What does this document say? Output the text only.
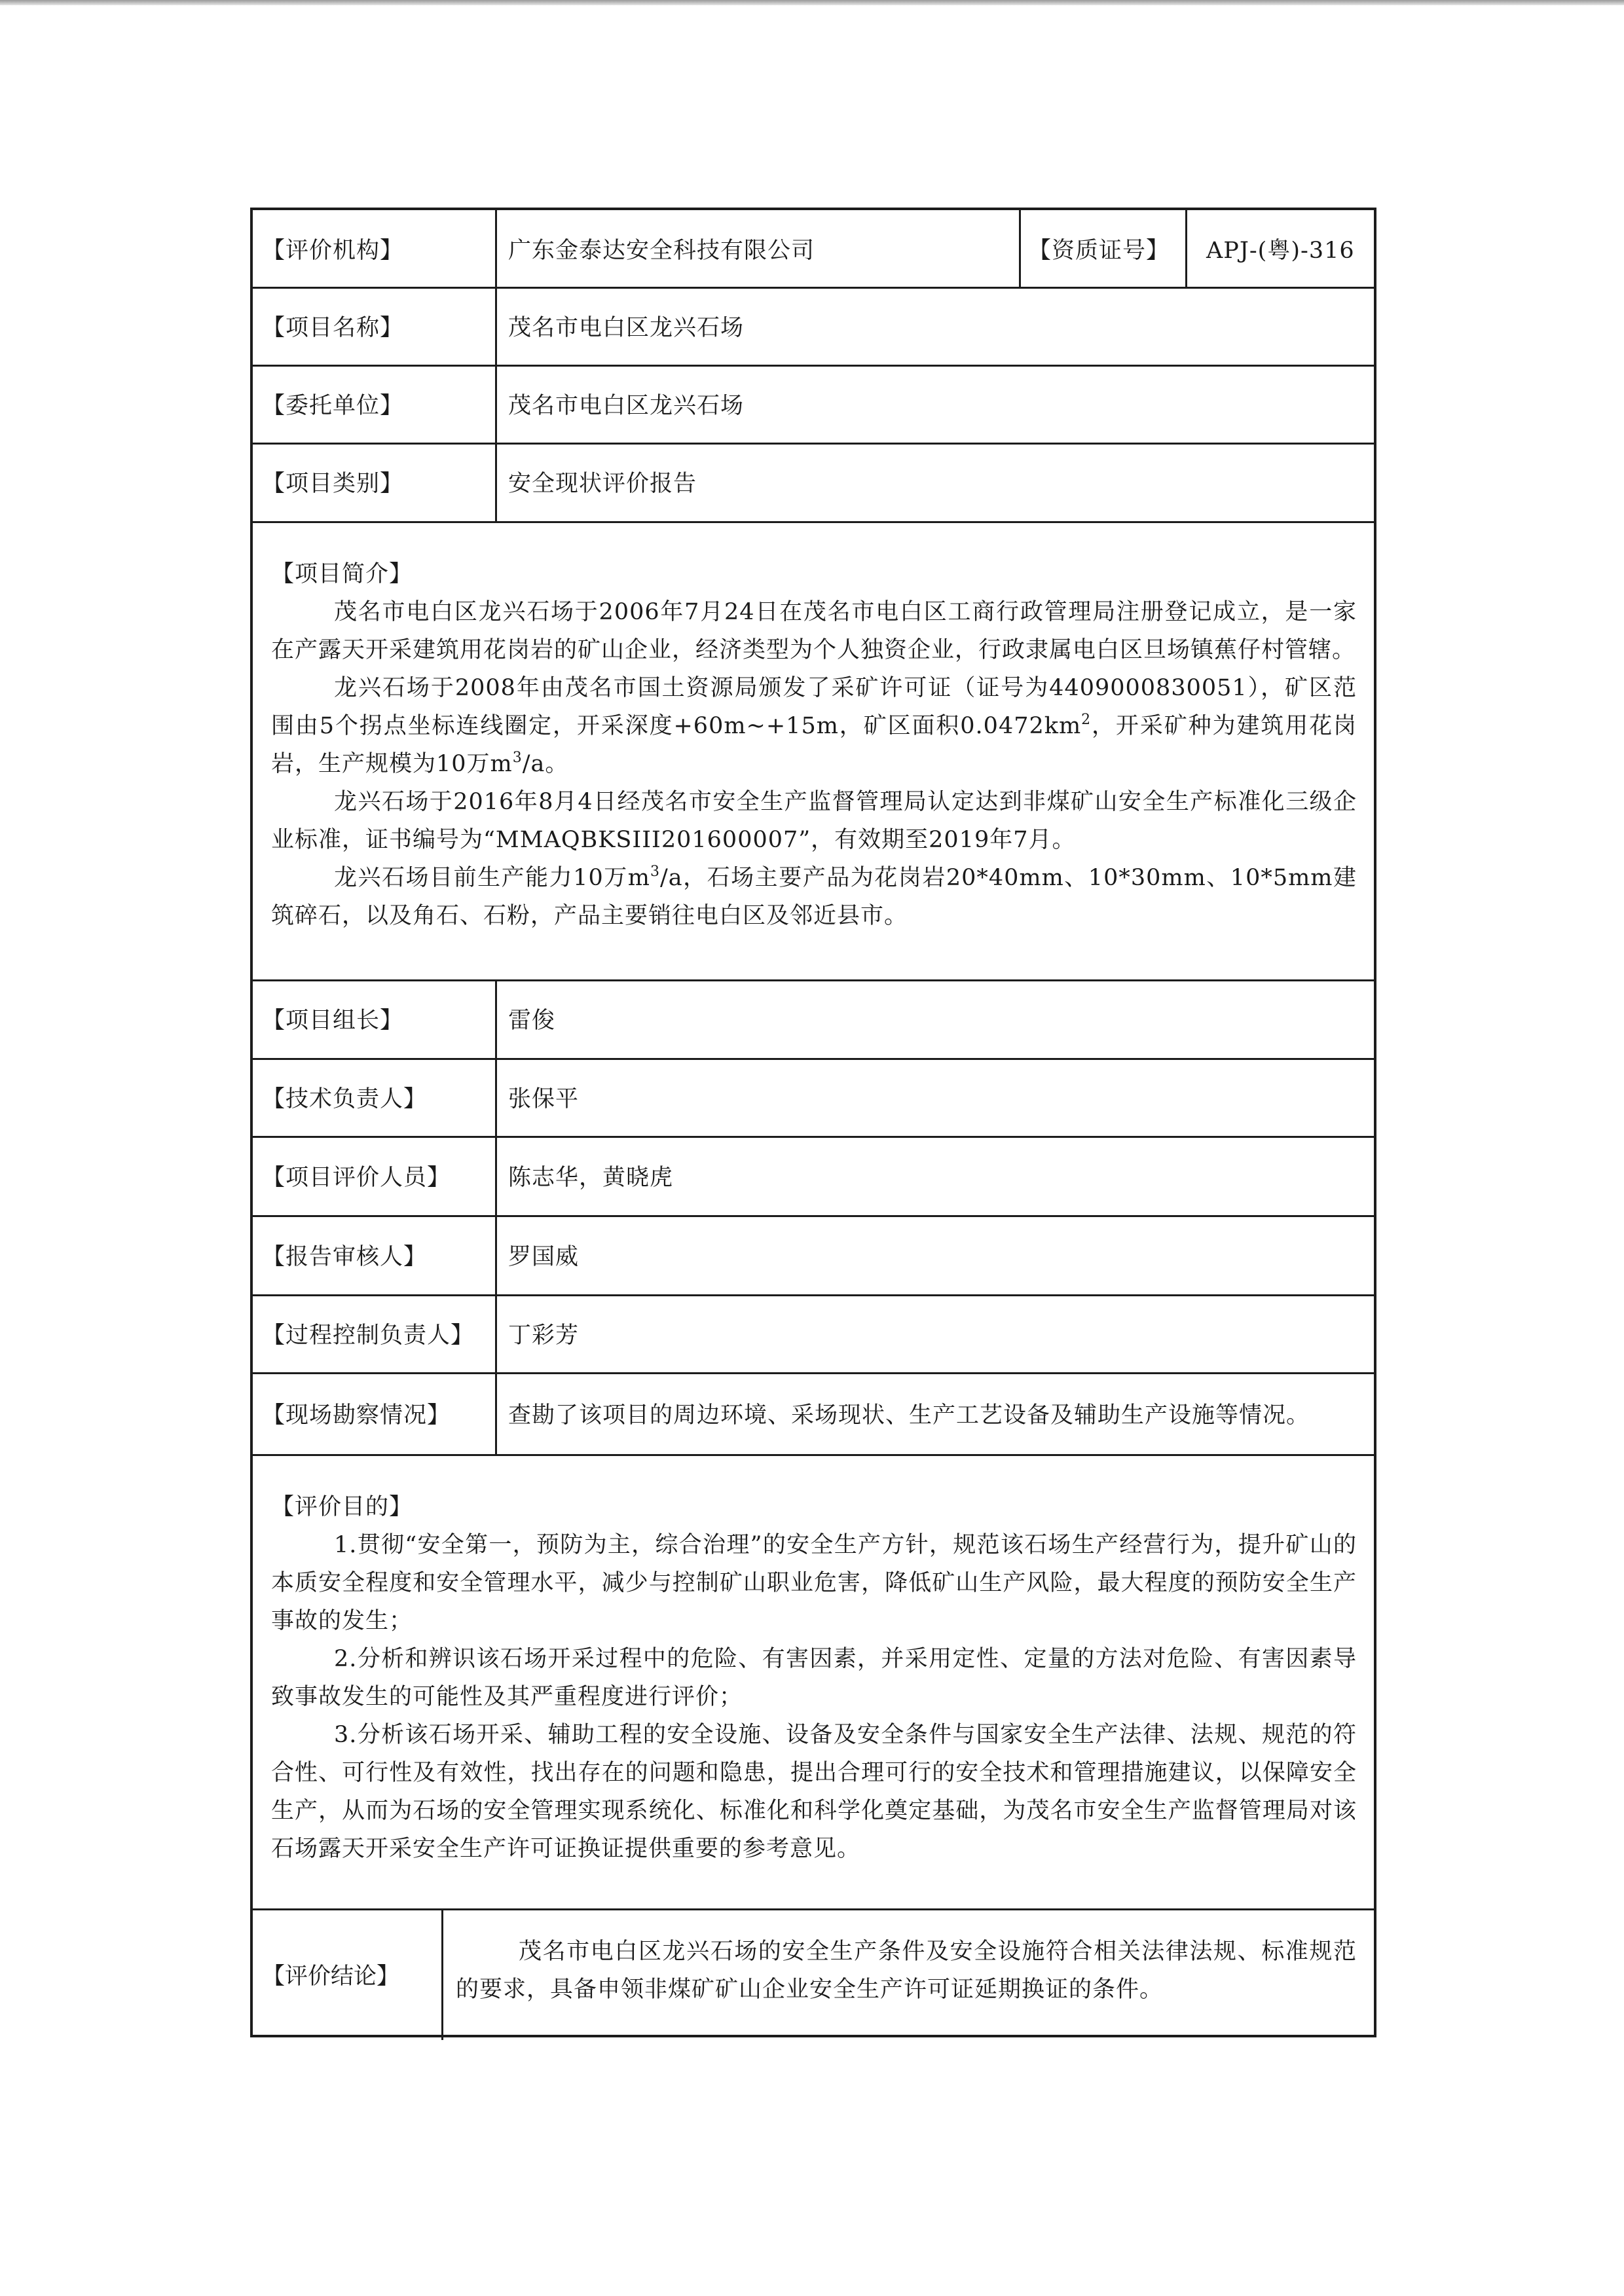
【评价机构】	广东金泰达安全科技有限公司	【资质证号】 APJ-(粤)-316
【项目名称】	茂名市电白区龙兴石场
【委托单位】	茂名市电白区龙兴石场
【项目类别】	安全现状评价报告
【项目简介】

茂名市电白区龙兴石场于2006年7月24日在茂名市电白区工商行政管理局注册登记成立，是一家在产露天开采建筑用花岗岩的矿山企业，经济类型为个人独资企业，行政隶属电白区旦场镇蕉仔村管辖。

龙兴石场于2008年由茂名市国土资源局颁发了采矿许可证（证号为4409000830051），矿区范围由5个拐点坐标连线圈定，开采深度+60m~+15m，矿区面积$0.0472km^2$，开采矿种为建筑用花岗岩，生产规模为10万$m^3/a$。

龙兴石场于2016年8月4日经茂名市安全生产监督管理局认定达到非煤矿山安全生产标准化三级企业标准，证书编号为“MMAQBKSIII201600007”，有效期至2019年7月。

龙兴石场目前生产能力10万$m^3/a$，石场主要产品为花岗岩20*40mm、10*30mm、10*5mm建筑碎石，以及角石、石粉，产品主要销往电白区及邻近县市。

【项目组长】	雷俊
【技术负责人】	张保平
【项目评价人员】	陈志华，黄晓虎
【报告审核人】	罗国威
【过程控制负责人】 丁彩芳
【现场勘察情况】	查勘了该项目的周边环境、采场现状、生产工艺设备及辅助生产设施等情况。
【评价目的】

1.贯彻“安全第一，预防为主，综合治理”的安全生产方针，规范该石场生产经营行为，提升矿山的本质安全程度和安全管理水平，减少与控制矿山职业危害，降低矿山生产风险，最大程度的预防安全生产事故的发生；

2.分析和辨识该石场开采过程中的危险、有害因素，并采用定性、定量的方法对危险、有害因素导致事故发生的可能性及其严重程度进行评价；

3.分析该石场开采、辅助工程的安全设施、设备及安全条件与国家安全生产法律、法规、规范的符合性、可行性及有效性，找出存在的问题和隐患，提出合理可行的安全技术和管理措施建议，以保障安全生产，从而为石场的安全管理实现系统化、标准化和科学化奠定基础，为茂名市安全生产监督管理局对该石场露天开采安全生产许可证换证提供重要的参考意见。

【评价结论】
茂名市电白区龙兴石场的安全生产条件及安全设施符合相关法律法规、标准规范的要求，具备申领非煤矿矿山企业安全生产许可证延期换证的条件。
